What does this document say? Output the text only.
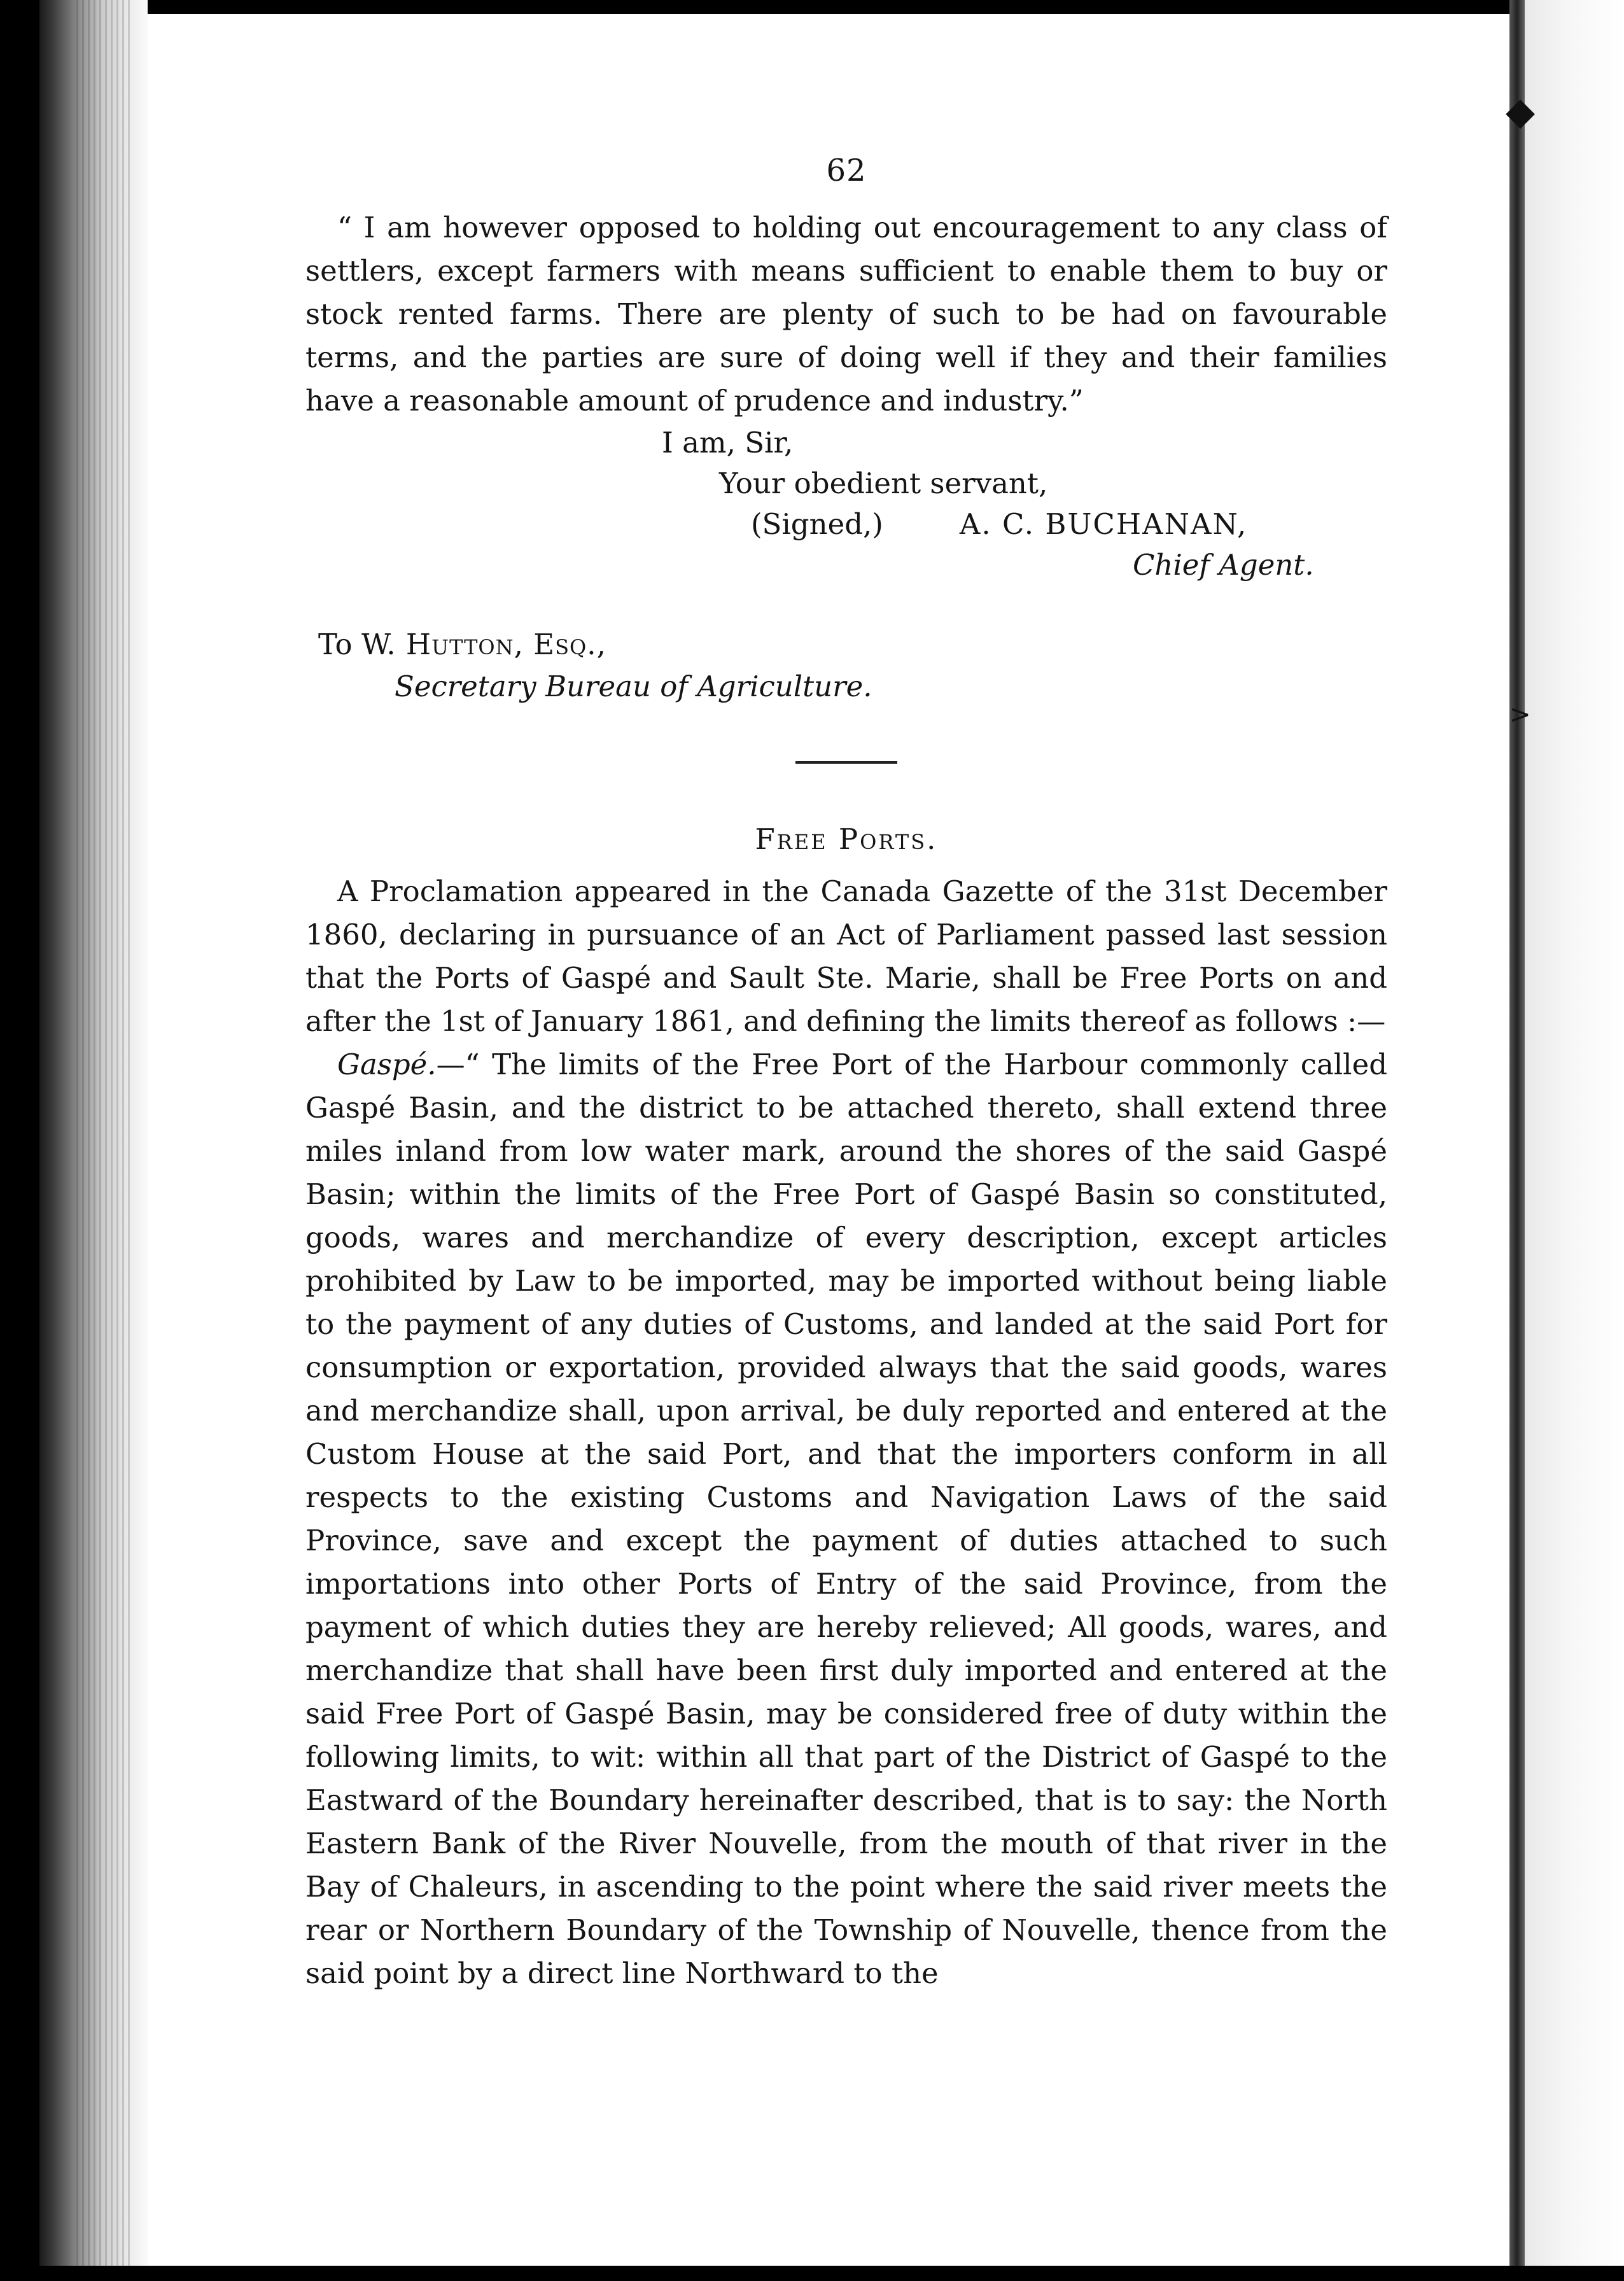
◆
>
62

“ I am however opposed to holding out encouragement to any class of settlers, except farmers with means sufficient to enable them to buy or stock rented farms. There are plenty of such to be had on favourable terms, and the parties are sure of doing well if they and their families have a reasonable amount of prudence and industry.”

I am, Sir,
Your obedient servant,
(Signed,)	A. C. BUCHANAN,
Chief Agent.
To W. Hutton, Esq.,
Secretary Bureau of Agriculture.
Free Ports.

A Proclamation appeared in the Canada Gazette of the 31st December 1860, declaring in pursuance of an Act of Parliament passed last session that the Ports of Gaspé and Sault Ste. Marie, shall be Free Ports on and after the 1st of January 1861, and defining the limits thereof as follows :—

Gaspé.—“ The limits of the Free Port of the Harbour commonly called Gaspé Basin, and the district to be attached thereto, shall extend three miles inland from low water mark, around the shores of the said Gaspé Basin; within the limits of the Free Port of Gaspé Basin so constituted, goods, wares and merchandize of every description, except articles prohibited by Law to be imported, may be imported without being liable to the payment of any duties of Customs, and landed at the said Port for consumption or exportation, provided always that the said goods, wares and merchandize shall, upon arrival, be duly reported and entered at the Custom House at the said Port, and that the importers conform in all respects to the existing Customs and Navigation Laws of the said Province, save and except the payment of duties attached to such importations into other Ports of Entry of the said Province, from the payment of which duties they are hereby relieved; All goods, wares, and merchandize that shall have been first duly imported and entered at the said Free Port of Gaspé Basin, may be considered free of duty within the following limits, to wit: within all that part of the District of Gaspé to the Eastward of the Boundary hereinafter described, that is to say: the North Eastern Bank of the River Nouvelle, from the mouth of that river in the Bay of Chaleurs, in ascending to the point where the said river meets the rear or Northern Boundary of the Township of Nouvelle, thence from the said point by a direct line Northward to the
